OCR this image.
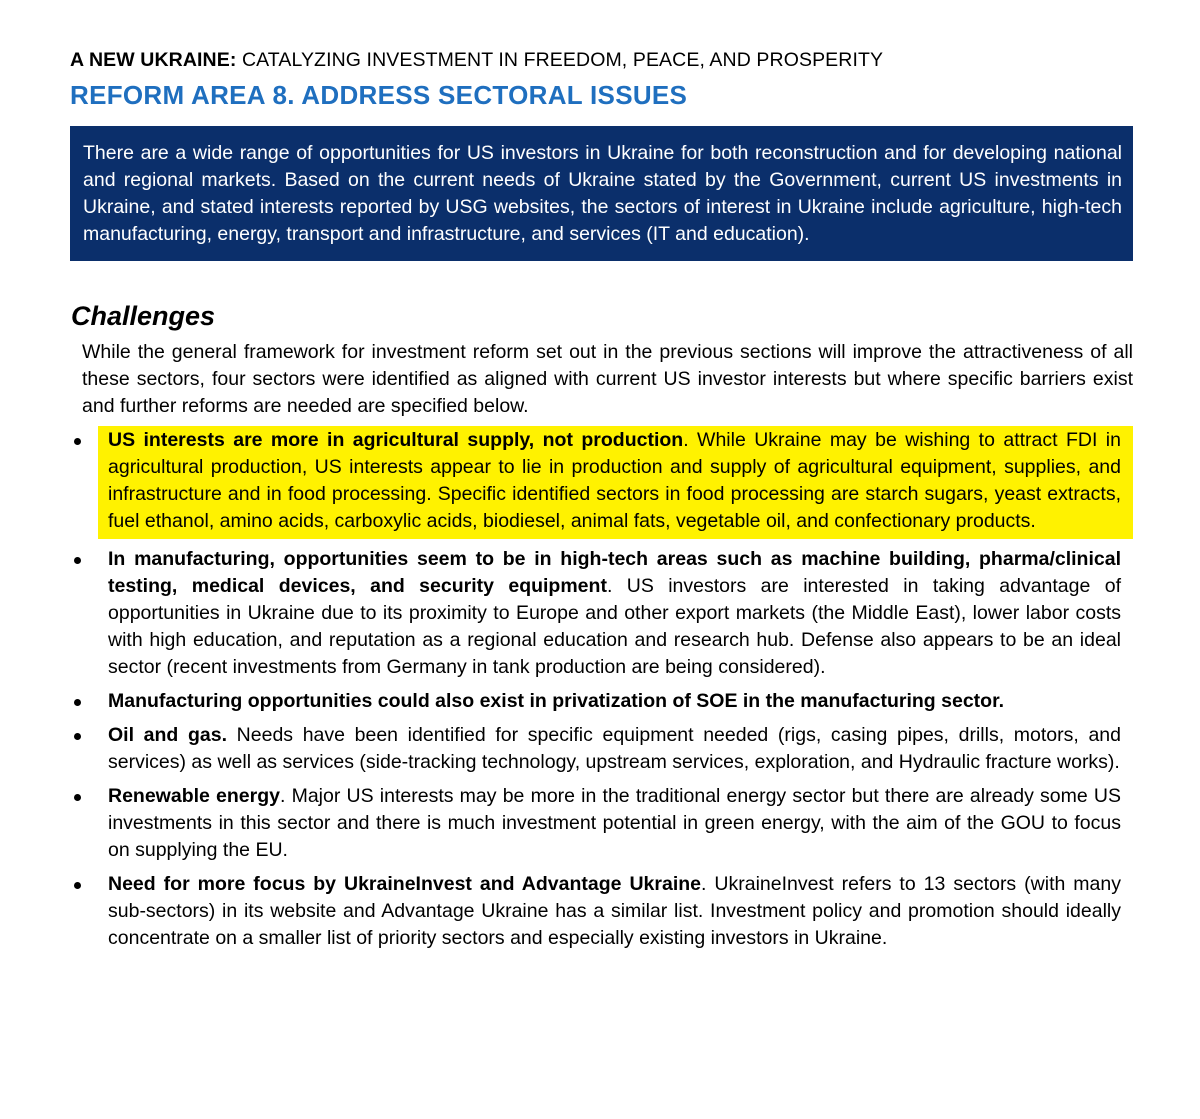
A NEW UKRAINE: CATALYZING INVESTMENT IN FREEDOM, PEACE, AND PROSPERITY
REFORM AREA 8. ADDRESS SECTORAL ISSUES
There are a wide range of opportunities for US investors in Ukraine for both reconstruction and for developing national and regional markets. Based on the current needs of Ukraine stated by the Government, current US investments in Ukraine, and stated interests reported by USG websites, the sectors of interest in Ukraine include agriculture, high-tech manufacturing, energy, transport and infrastructure, and services (IT and education).
Challenges
While the general framework for investment reform set out in the previous sections will improve the attractiveness of all these sectors, four sectors were identified as aligned with current US investor interests but where specific barriers exist and further reforms are needed are specified below.
US interests are more in agricultural supply, not production. While Ukraine may be wishing to attract FDI in agricultural production, US interests appear to lie in production and supply of agricultural equipment, supplies, and infrastructure and in food processing. Specific identified sectors in food processing are starch sugars, yeast extracts, fuel ethanol, amino acids, carboxylic acids, biodiesel, animal fats, vegetable oil, and confectionary products.
In manufacturing, opportunities seem to be in high-tech areas such as machine building, pharma/clinical testing, medical devices, and security equipment. US investors are interested in taking advantage of opportunities in Ukraine due to its proximity to Europe and other export markets (the Middle East), lower labor costs with high education, and reputation as a regional education and research hub. Defense also appears to be an ideal sector (recent investments from Germany in tank production are being considered).
Manufacturing opportunities could also exist in privatization of SOE in the manufacturing sector.
Oil and gas. Needs have been identified for specific equipment needed (rigs, casing pipes, drills, motors, and services) as well as services (side-tracking technology, upstream services, exploration, and Hydraulic fracture works).
Renewable energy. Major US interests may be more in the traditional energy sector but there are already some US investments in this sector and there is much investment potential in green energy, with the aim of the GOU to focus on supplying the EU.
Need for more focus by UkraineInvest and Advantage Ukraine. UkraineInvest refers to 13 sectors (with many sub-sectors) in its website and Advantage Ukraine has a similar list. Investment policy and promotion should ideally concentrate on a smaller list of priority sectors and especially existing investors in Ukraine.
